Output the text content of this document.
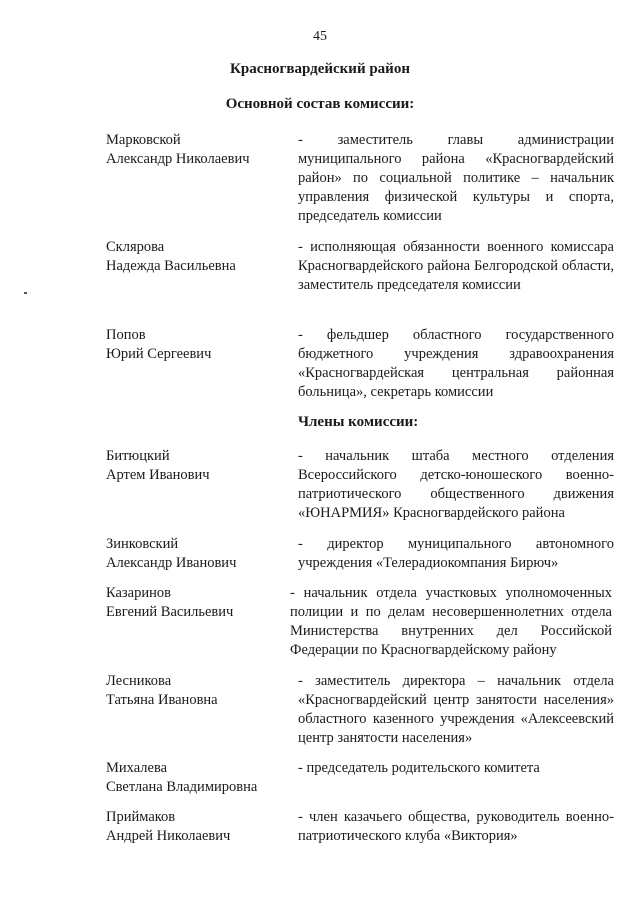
45
Красногвардейский район
Основной состав комиссии:
Марковской
Александр Николаевич
- заместитель главы администрации муниципального района «Красногвардейский район» по социальной политике – начальник управления физической культуры и спорта, председатель комиссии
Склярова
Надежда Васильевна
- исполняющая обязанности военного комиссара Красногвардейского района Белгородской области, заместитель председателя комиссии
Попов
Юрий Сергеевич
- фельдшер областного государственного бюджетного учреждения здравоохранения «Красногвардейская центральная районная больница», секретарь комиссии
Члены комиссии:
Битюцкий
Артем Иванович
- начальник штаба местного отделения Всероссийского детско-юношеского военно-патриотического общественного движения «ЮНАРМИЯ» Красногвардейского района
Зинковский
Александр Иванович
- директор муниципального автономного учреждения «Телерадиокомпания Бирюч»
Казаринов
Евгений Васильевич
- начальник отдела участковых уполномоченных полиции и по делам несовершеннолетних отдела Министерства внутренних дел Российской Федерации по Красногвардейскому району
Лесникова
Татьяна Ивановна
- заместитель директора – начальник отдела «Красногвардейский центр занятости населения» областного казенного учреждения «Алексеевский центр занятости населения»
Михалева
Светлана Владимировна
- председатель родительского комитета
Приймаков
Андрей Николаевич
- член казачьего общества, руководитель военно-патриотического клуба «Виктория»
